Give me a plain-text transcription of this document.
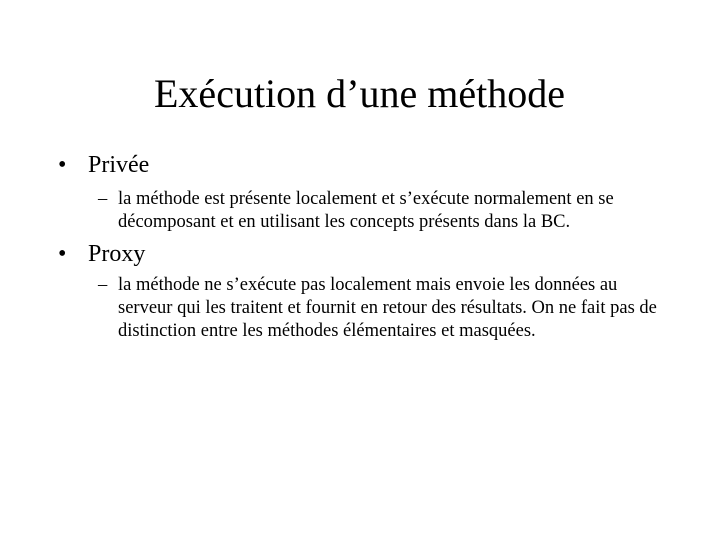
Exécution d’une méthode
• Privée
– la méthode est présente localement et s’exécute normalement en se décomposant et en utilisant les concepts présents dans la BC.
• Proxy
– la méthode ne s’exécute pas localement mais envoie les données au serveur qui les traitent et fournit en retour des résultats. On ne fait pas de distinction entre les méthodes élémentaires et masquées.
